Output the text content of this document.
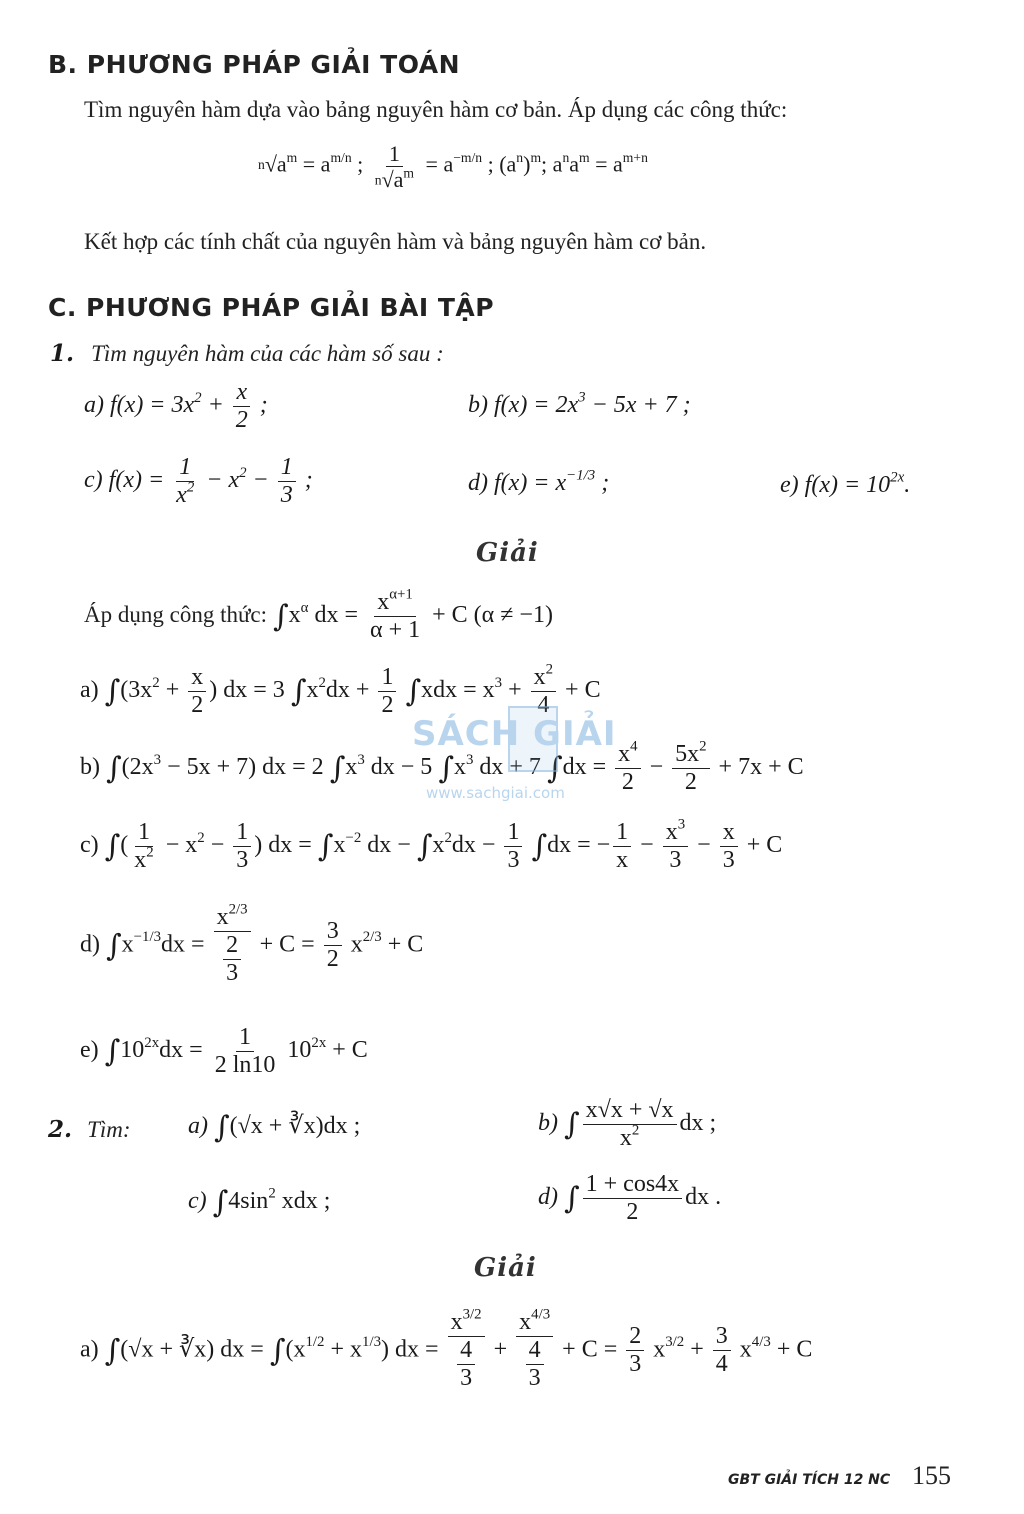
B. PHƯƠNG PHÁP GIẢI TOÁN
Tìm nguyên hàm dựa vào bảng nguyên hàm cơ bản. Áp dụng các công thức:
$^n√a^m = a^{m/n}$ ; $\frac{1}{^n√a^m} = a^{-m/n}$ ; $(a^n)^m$; $a^na^m = a^{m+n}$
Kết hợp các tính chất của nguyên hàm và bảng nguyên hàm cơ bản.
C. PHƯƠNG PHÁP GIẢI BÀI TẬP
1. Tìm nguyên hàm của các hàm số sau :
a) $f(x) = 3x^2 + \frac{x}{2}$ ;	b) $f(x) = 2x^3 - 5x + 7$ ;
c) $f(x) = \frac{1}{x^2} - x^2 - \frac{1}{3}$ ;	d) $f(x) = x^{-1/3}$ ;	e) $f(x) = 10^{2x}$.
Giải
Áp dụng công thức: $\int x^\alpha$ dx = $\frac{x^{\alpha+1}}{\alpha + 1} + C$ (α ≠ −1)
a) $\int(3x^2 + \frac{x}{2}$ ) dx = 3 $\int x^2dx + \frac{1}{2} \int xdx = x^3 + \frac{x^2}{4} + C$
b) $\int(2x^3 - 5x + 7)$ dx = 2 $\int x^3$ dx − 5 $\int x^3$ dx + 7 $\int dx = \frac{x^4}{2} - \frac{5x^2}{2} + 7x + C$
c) ∫( $\frac{1}{x^2} - x^2 - \frac{1}{3}$ ) dx = $\int x^{-2}$ dx − $\int x^2dx - \frac{1}{3} \int dx$ = − $\frac{1}{x} - \frac{x^3}{3} - \frac{x}{3} + C$
d) $\int x^{-1/3}dx = \frac{x^{2/3}}{\frac{2}{3}} + C = \frac{3}{2} x^{2/3} + C$
e) $\int 10^{2x}dx = \frac{1}{2 \ln 10} 10^{2x} + C$
2. Tìm: a) ∫(√x + ∛x)dx ;	b) ∫ $\frac{x√x + √x}{x^2}$ dx ;
c) $\int 4\sin^2$ xdx ;	d) ∫ $\frac{1 + \cos 4x}{2}$ dx .
Giải
a) ∫(√x + ∛x) dx = $\int(x^{1/2} + x^{1/3})$ dx = $\frac{x^{3/2}}{\frac{4}{3}} + \frac{x^{4/3}}{\frac{4}{3}} + C = \frac{2}{3} x^{3/2} + \frac{3}{4} x^{4/3} + C$
SÁCH GIẢI
www.sachgiai.com
GBT GIẢI TÍCH 12 NC 155
